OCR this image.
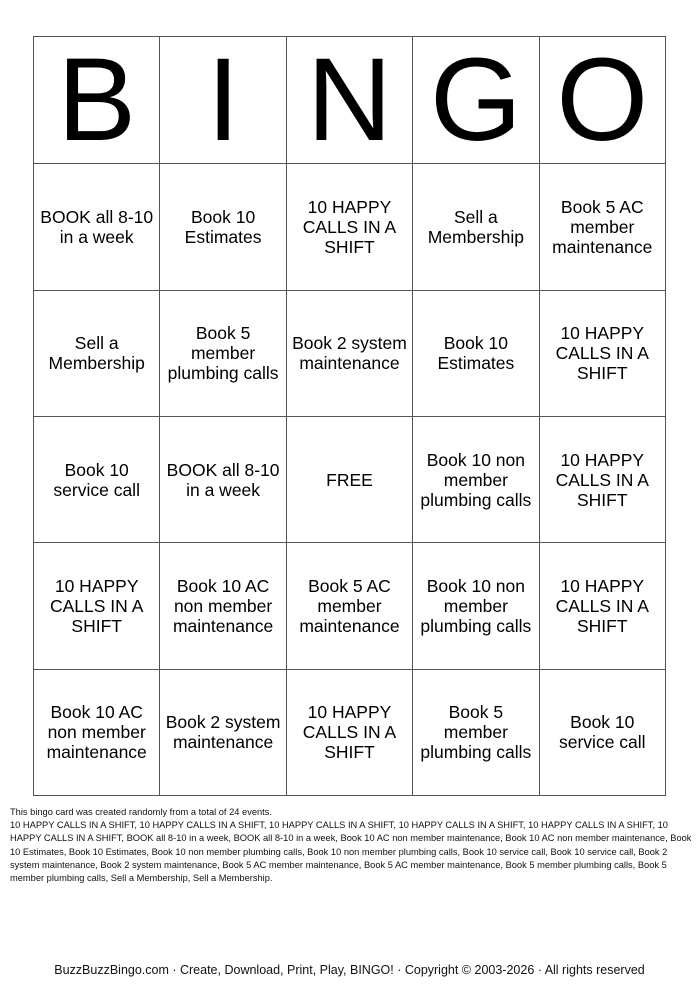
B	I	N	G	O
BOOK all 8-10 in a week	Book 10 Estimates	10 HAPPY CALLS IN A SHIFT	Sell a Membership	Book 5 AC member maintenance
Sell a Membership	Book 5 member plumbing calls	Book 2 system maintenance	Book 10 Estimates	10 HAPPY CALLS IN A SHIFT
Book 10 service call	BOOK all 8-10 in a week	FREE	Book 10 non member plumbing calls	10 HAPPY CALLS IN A SHIFT
10 HAPPY CALLS IN A SHIFT	Book 10 AC non member maintenance	Book 5 AC member maintenance	Book 10 non member plumbing calls	10 HAPPY CALLS IN A SHIFT
Book 10 AC non member maintenance	Book 2 system maintenance	10 HAPPY CALLS IN A SHIFT	Book 5 member plumbing calls	Book 10 service call

This bingo card was created randomly from a total of 24 events.

10 HAPPY CALLS IN A SHIFT, 10 HAPPY CALLS IN A SHIFT, 10 HAPPY CALLS IN A SHIFT, 10 HAPPY CALLS IN A SHIFT, 10 HAPPY CALLS IN A SHIFT, 10 HAPPY CALLS IN A SHIFT, BOOK all 8-10 in a week, BOOK all 8-10 in a week, Book 10 AC non member maintenance, Book 10 AC non member maintenance, Book 10 Estimates, Book 10 Estimates, Book 10 non member plumbing calls, Book 10 non member plumbing calls, Book 10 service call, Book 10 service call, Book 2 system maintenance, Book 2 system maintenance, Book 5 AC member maintenance, Book 5 AC member maintenance, Book 5 member plumbing calls, Book 5 member plumbing calls, Sell a Membership, Sell a Membership.

BuzzBuzzBingo.com · Create, Download, Print, Play, BINGO! · Copyright © 2003-2026 · All rights reserved
